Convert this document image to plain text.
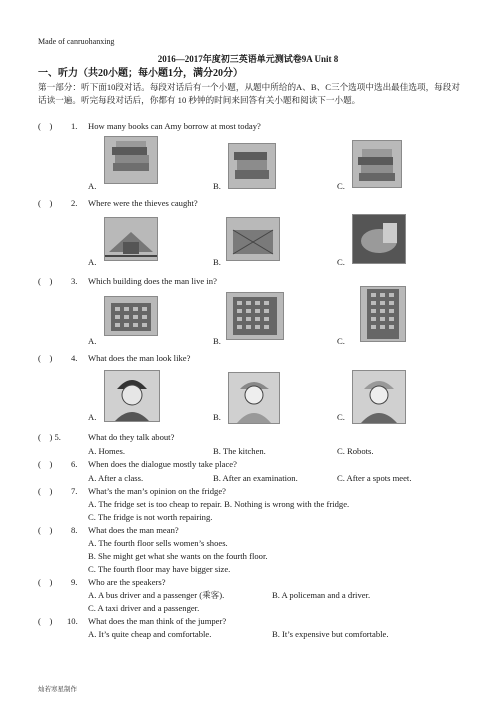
Made of canruohanxing
2016—2017年度初三英语单元测试卷9A Unit 8
一、听力（共20小题；每小题1分，满分20分）
第一部分：听下面10段对话。每段对话后有一个小题，从题中所给的A、B、C三个选项中选出最佳选项，每段对话读一遍。听完每段对话后，你都有 10 秒钟的时间来回答有关小题和阅读下一小题。
(　) 1. How many books can Amy borrow at most today?
A.	B.	C.
(　) 2. Where were the thieves caught?
A.	B.	C.
(　) 3. Which building does the man live in?
A.	B.	C.
(　) 4. What does the man look like?
A.	B.	C.
(　) 5.	What do they talk about?
A. Homes.	B. The kitchen.	C. Robots.
(　) 6. When does the dialogue mostly take place?
A. After a class.	B. After an examination.	C. After a spots meet.
(　) 7. What’s the man’s opinion on the fridge?
A. The fridge set is too cheap to repair. B. Nothing is wrong with the fridge.
C. The fridge is not worth repairing.
(　) 8. What does the man mean?
A. The fourth floor sells women’s shoes.
B. She might get what she wants on the fourth floor.
C. The fourth floor may have bigger size.
(　) 9. Who are the speakers?
A. A bus driver and a passenger (乘客).	B. A policeman and a driver.
C. A taxi driver and a passenger.
(　) 10. What does the man think of the jumper?
A. It’s quite cheap and comfortable.	B. It’s expensive but comfortable.
灿若寒星制作
